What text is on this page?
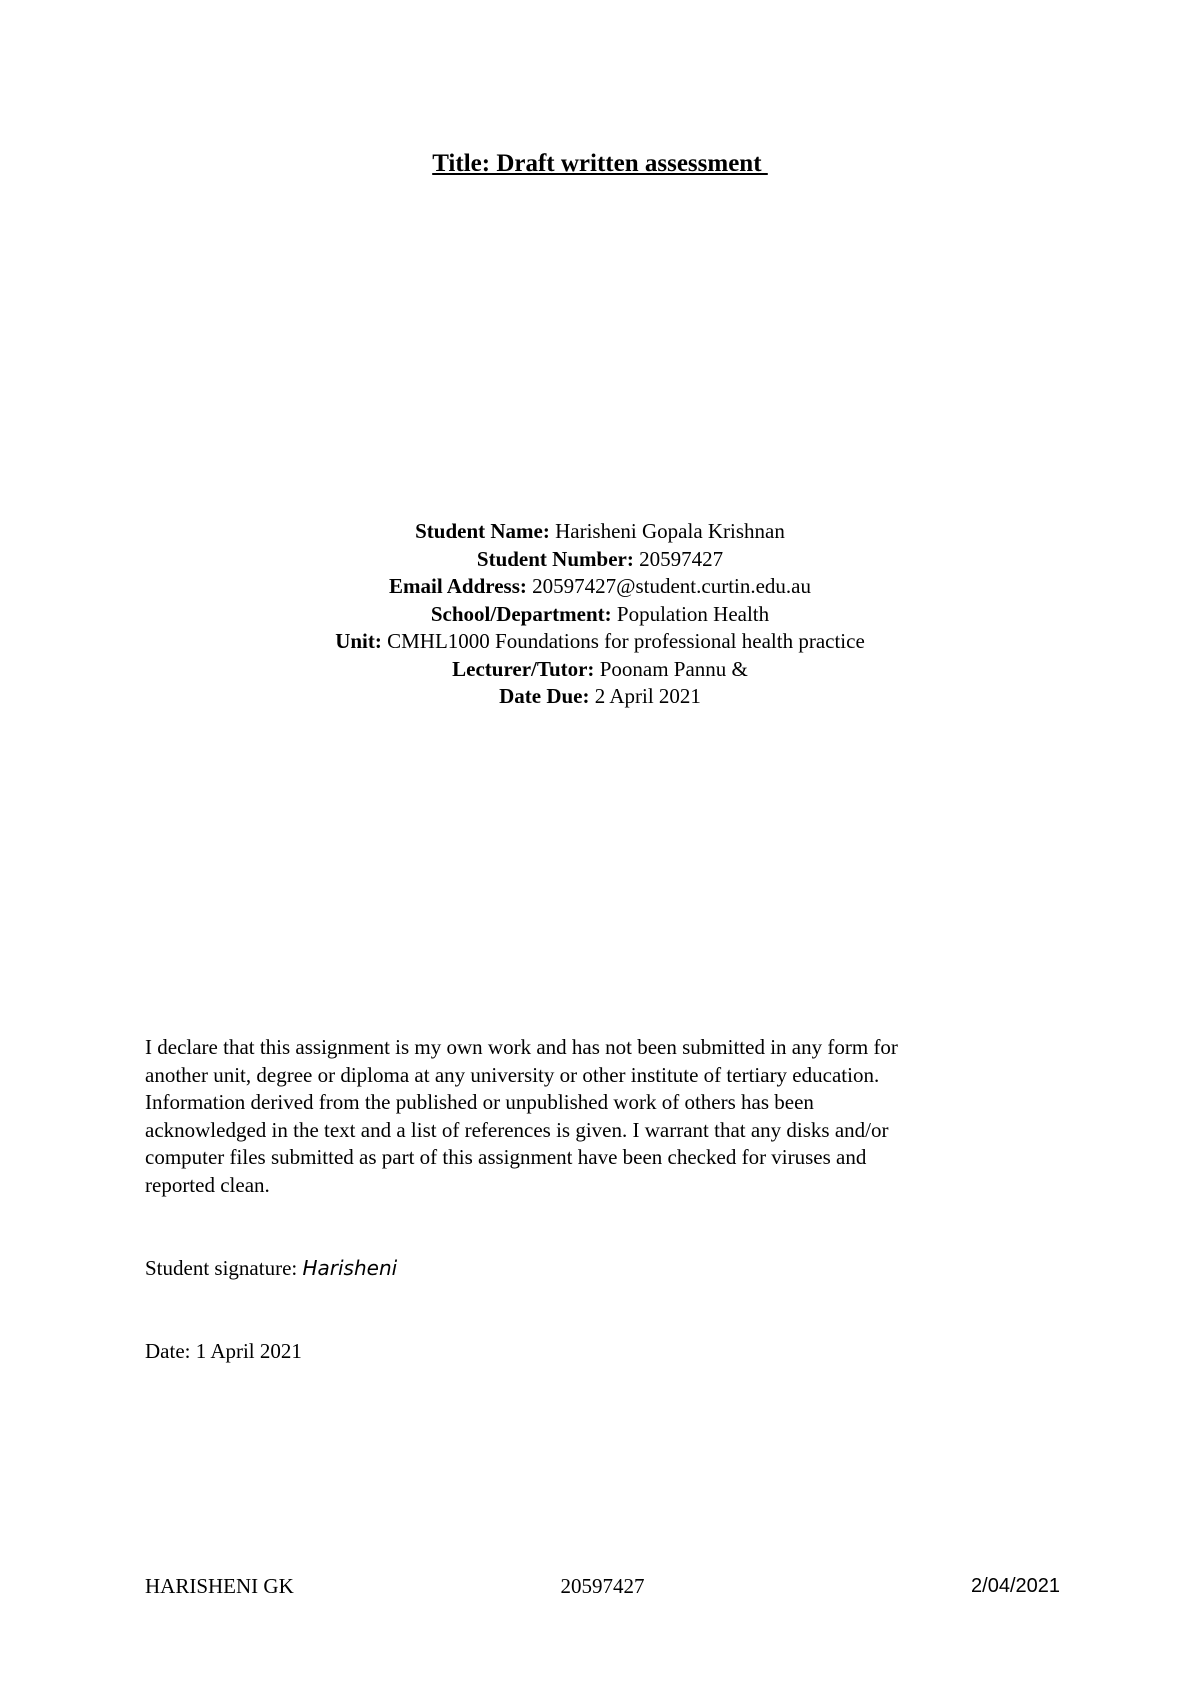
Title: Draft written assessment
Student Name: Harisheni Gopala Krishnan
Student Number: 20597427
Email Address: 20597427@student.curtin.edu.au
School/Department: Population Health
Unit: CMHL1000 Foundations for professional health practice
Lecturer/Tutor: Poonam Pannu &
Date Due: 2 April 2021
I declare that this assignment is my own work and has not been submitted in any form for
another unit, degree or diploma at any university or other institute of tertiary education.
Information derived from the published or unpublished work of others has been
acknowledged in the text and a list of references is given. I warrant that any disks and/or
computer files submitted as part of this assignment have been checked for viruses and
reported clean.
Student signature: Harisheni
Date: 1 April 2021
HARISHENI GK	20597427	2/04/2021
